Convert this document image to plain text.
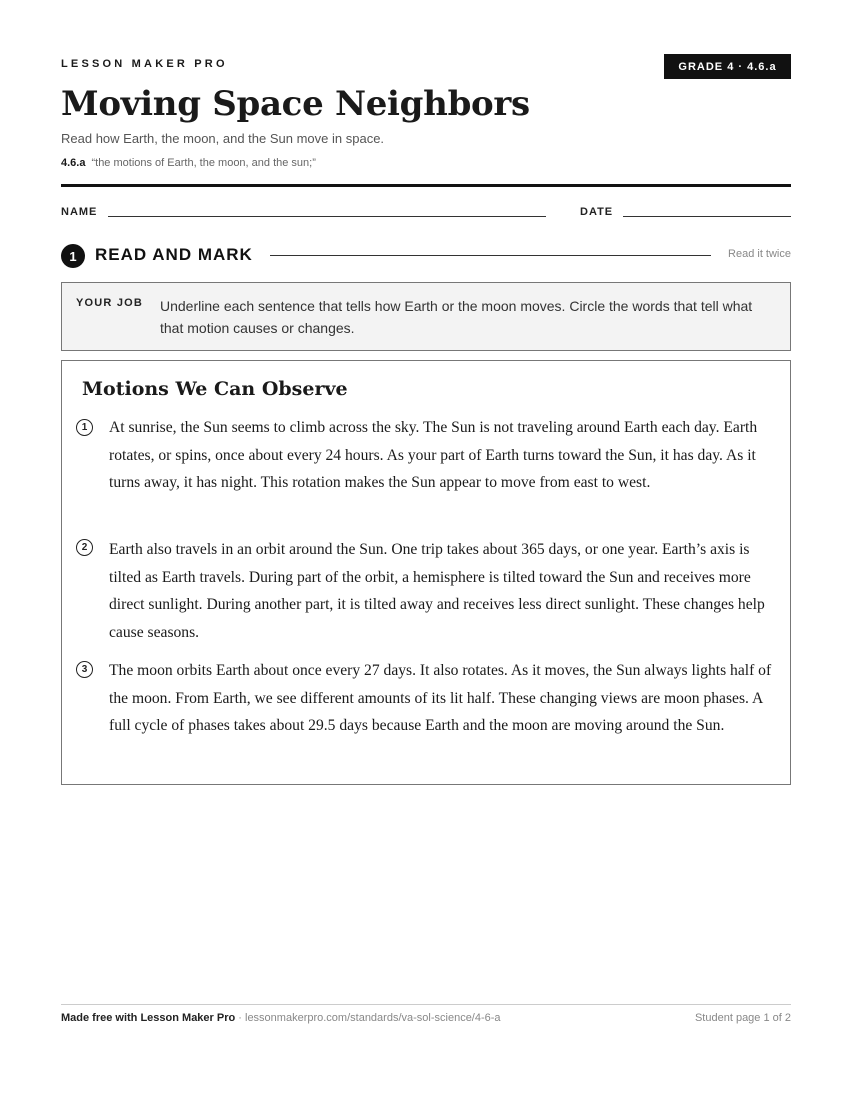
LESSON MAKER PRO	GRADE 4 · 4.6.a
Moving Space Neighbors
Read how Earth, the moon, and the Sun move in space.
4.6.a “the motions of Earth, the moon, and the sun;”
NAME	DATE
1	READ AND MARK	Read it twice
YOUR JOB Underline each sentence that tells how Earth or the moon moves. Circle the words that tell what that motion causes or changes.
Motions We Can Observe
1	At sunrise, the Sun seems to climb across the sky. The Sun is not traveling around Earth each day. Earth rotates, or spins, once about every 24 hours. As your part of Earth turns toward the Sun, it has day. As it turns away, it has night. This rotation makes the Sun appear to move from east to west.
2	Earth also travels in an orbit around the Sun. One trip takes about 365 days, or one year. Earth’s axis is tilted as Earth travels. During part of the orbit, a hemisphere is tilted toward the Sun and receives more direct sunlight. During another part, it is tilted away and receives less direct sunlight. These changes help cause seasons.
3	The moon orbits Earth about once every 27 days. It also rotates. As it moves, the Sun always lights half of the moon. From Earth, we see different amounts of its lit half. These changing views are moon phases. A full cycle of phases takes about 29.5 days because Earth and the moon are moving around the Sun.
Made free with Lesson Maker Pro · lessonmakerpro.com/standards/va-sol-science/4-6-a	Student page 1 of 2
